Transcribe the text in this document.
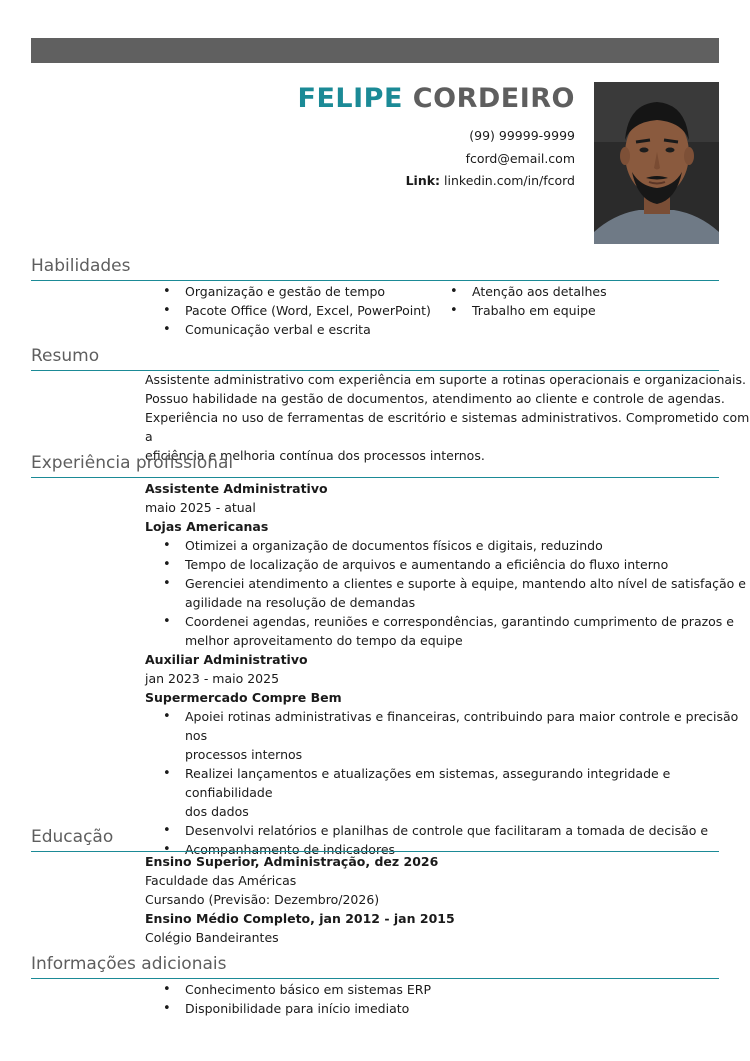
FELIPE CORDEIRO
(99) 99999-9999
fcord@email.com
Link: linkedin.com/in/fcord
Habilidades
• Organização e gestão de tempo
• Pacote Office (Word, Excel, PowerPoint)
• Comunicação verbal e escrita
• Atenção aos detalhes
• Trabalho em equipe
Resumo
Assistente administrativo com experiência em suporte a rotinas operacionais e organizacionais.
Possuo habilidade na gestão de documentos, atendimento ao cliente e controle de agendas.
Experiência no uso de ferramentas de escritório e sistemas administrativos. Comprometido com a
eficiência e melhoria contínua dos processos internos.
Experiência profissional
Assistente Administrativo
maio 2025 - atual
Lojas Americanas
• Otimizei a organização de documentos físicos e digitais, reduzindo
• Tempo de localização de arquivos e aumentando a eficiência do fluxo interno
• Gerenciei atendimento a clientes e suporte à equipe, mantendo alto nível de satisfação e
agilidade na resolução de demandas
• Coordenei agendas, reuniões e correspondências, garantindo cumprimento de prazos e
melhor aproveitamento do tempo da equipe
Auxiliar Administrativo
jan 2023 - maio 2025
Supermercado Compre Bem
• Apoiei rotinas administrativas e financeiras, contribuindo para maior controle e precisão nos
processos internos
• Realizei lançamentos e atualizações em sistemas, assegurando integridade e confiabilidade
dos dados
• Desenvolvi relatórios e planilhas de controle que facilitaram a tomada de decisão e
• Acompanhamento de indicadores
Educação
Ensino Superior, Administração, dez 2026
Faculdade das Américas
Cursando (Previsão: Dezembro/2026)
Ensino Médio Completo, jan 2012 - jan 2015
Colégio Bandeirantes
Informações adicionais
• Conhecimento básico em sistemas ERP
• Disponibilidade para início imediato
